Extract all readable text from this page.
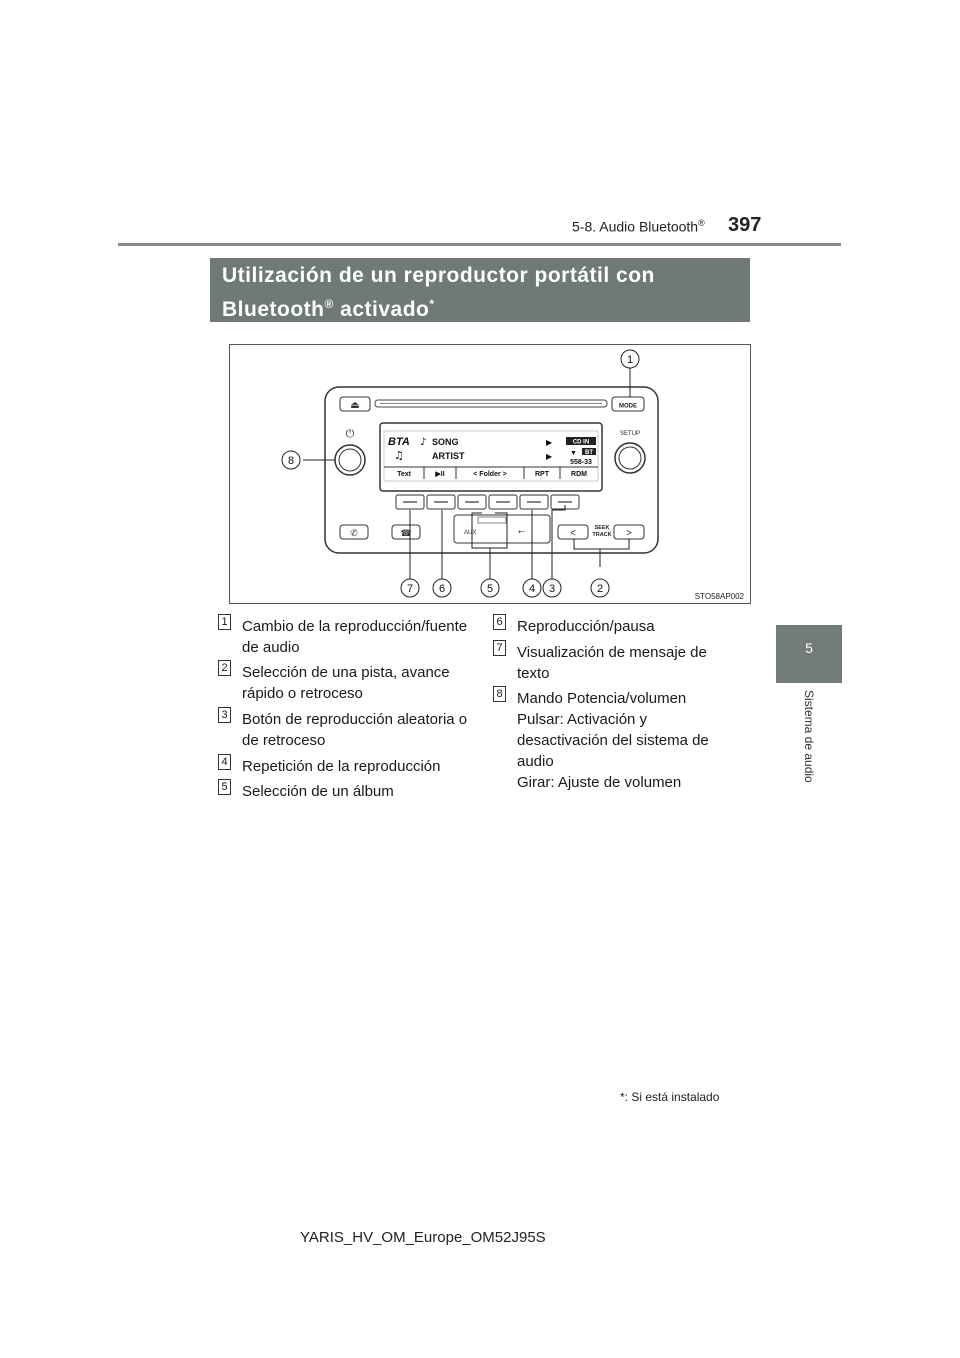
5-8. Audio Bluetooth® 397
5
Sistema de audio
Utilización de un reproductor portátil con
Bluetooth® activado*
⏏	MODE
⏻	SETUP
BTA ♪ SONG	▶	CD IN
♫	ARTIST	▶	▼ BT
558-33
Text	▶II	< Folder >	RPT	RDM
✆	☎	AUX	⭠	<	SEEK
TRACK >
1
2
3
4
5
6
7
8
STO58AP002
1 Cambio de la reproducción/fuente
de audio
2 Selección de una pista, avance
rápido o retroceso
3 Botón de reproducción aleatoria o
de retroceso
4 Repetición de la reproducción
5 Selección de un álbum
6 Reproducción/pausa
7 Visualización de mensaje de
texto
8 Mando Potencia/volumen
Pulsar: Activación y
desactivación del sistema de
audio
Girar: Ajuste de volumen
*: Si está instalado
YARIS_HV_OM_Europe_OM52J95S
